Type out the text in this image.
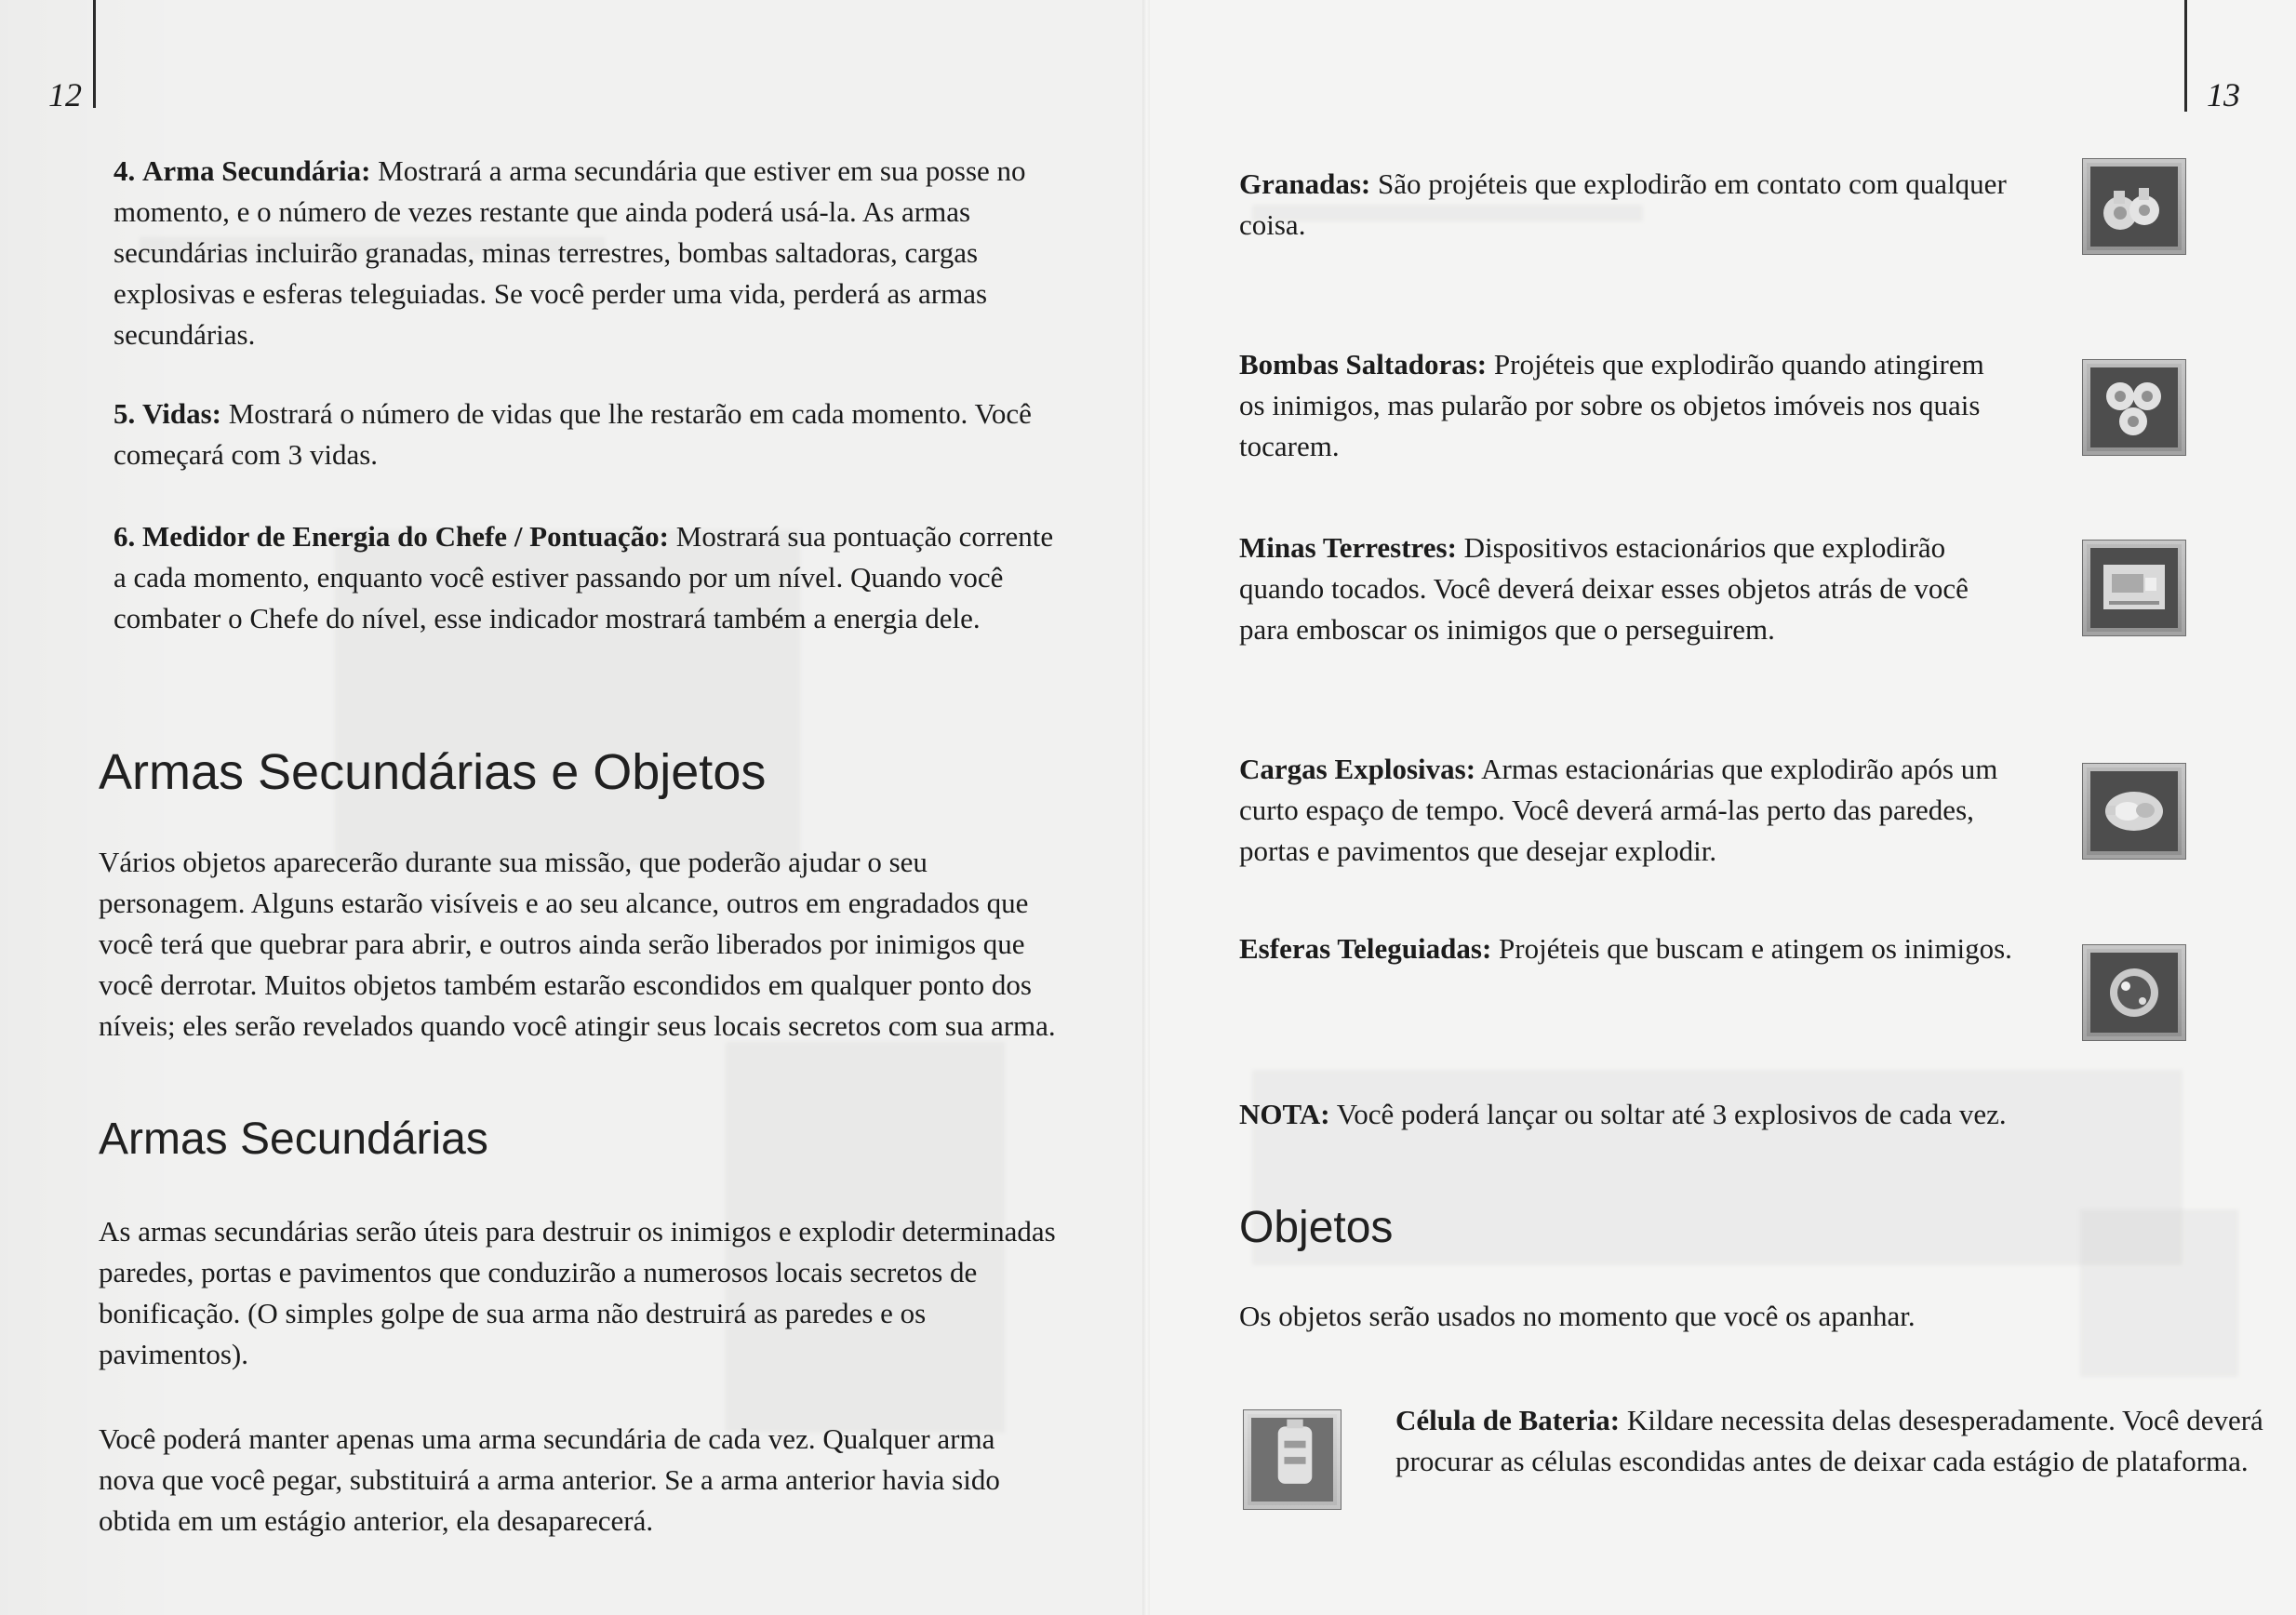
12

4. Arma Secundária: Mostrará a arma secundária que estiver em sua posse no momento, e o número de vezes restante que ainda poderá usá-la. As armas secundárias incluirão granadas, minas terrestres, bombas saltadoras, cargas explosivas e esferas teleguiadas. Se você perder uma vida, perderá as armas secundárias.

5. Vidas: Mostrará o número de vidas que lhe restarão em cada momento. Você começará com 3 vidas.

6. Medidor de Energia do Chefe / Pontuação: Mostrará sua pontuação corrente a cada momento, enquanto você estiver passando por um nível. Quando você combater o Chefe do nível, esse indicador mostrará também a energia dele.

Armas Secundárias e Objetos

Vários objetos aparecerão durante sua missão, que poderão ajudar o seu personagem. Alguns estarão visíveis e ao seu alcance, outros em engradados que você terá que quebrar para abrir, e outros ainda serão liberados por inimigos que você derrotar. Muitos objetos também estarão escondidos em qualquer ponto dos níveis; eles serão revelados quando você atingir seus locais secretos com sua arma.

Armas Secundárias

As armas secundárias serão úteis para destruir os inimigos e explodir determinadas paredes, portas e pavimentos que conduzirão a numerosos locais secretos de bonificação. (O simples golpe de sua arma não destruirá as paredes e os pavimentos).

Você poderá manter apenas uma arma secundária de cada vez. Qualquer arma nova que você pegar, substituirá a arma anterior. Se a arma anterior havia sido obtida em um estágio anterior, ela desaparecerá.

13

Granadas: São projéteis que explodirão em contato com qualquer coisa.

Bombas Saltadoras: Projéteis que explodirão quando atingirem os inimigos, mas pularão por sobre os objetos imóveis nos quais tocarem.

Minas Terrestres: Dispositivos estacionários que explodirão quando tocados. Você deverá deixar esses objetos atrás de você para emboscar os inimigos que o perseguirem.

Cargas Explosivas: Armas estacionárias que explodirão após um curto espaço de tempo. Você deverá armá-las perto das paredes, portas e pavimentos que desejar explodir.

Esferas Teleguiadas: Projéteis que buscam e atingem os inimigos.

NOTA: Você poderá lançar ou soltar até 3 explosivos de cada vez.

Objetos

Os objetos serão usados no momento que você os apanhar.

Célula de Bateria: Kildare necessita delas desesperadamente. Você deverá procurar as células escondidas antes de deixar cada estágio de plataforma.
